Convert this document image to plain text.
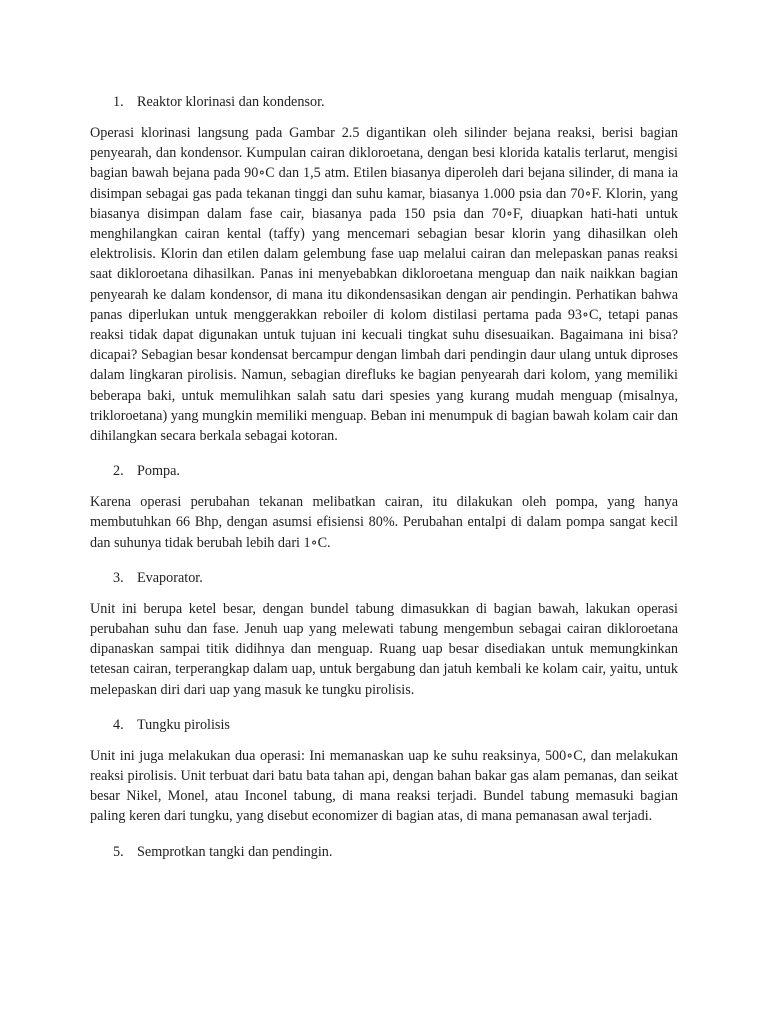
1. Reaktor klorinasi dan kondensor.

Operasi klorinasi langsung pada Gambar 2.5 digantikan oleh silinder bejana reaksi, berisi bagian penyearah, dan kondensor. Kumpulan cairan dikloroetana, dengan besi klorida katalis terlarut, mengisi bagian bawah bejana pada 90∘C dan 1,5 atm. Etilen biasanya diperoleh dari bejana silinder, di mana ia disimpan sebagai gas pada tekanan tinggi dan suhu kamar, biasanya 1.000 psia dan 70∘F. Klorin, yang biasanya disimpan dalam fase cair, biasanya pada 150 psia dan 70∘F, diuapkan hati-hati untuk menghilangkan cairan kental (taffy) yang mencemari sebagian besar klorin yang dihasilkan oleh elektrolisis. Klorin dan etilen dalam gelembung fase uap melalui cairan dan melepaskan panas reaksi saat dikloroetana dihasilkan. Panas ini menyebabkan dikloroetana menguap dan naik naikkan bagian penyearah ke dalam kondensor, di mana itu dikondensasikan dengan air pendingin. Perhatikan bahwa panas diperlukan untuk menggerakkan reboiler di kolom distilasi pertama pada 93∘C, tetapi panas reaksi tidak dapat digunakan untuk tujuan ini kecuali tingkat suhu disesuaikan. Bagaimana ini bisa? dicapai? Sebagian besar kondensat bercampur dengan limbah dari pendingin daur ulang untuk diproses dalam lingkaran pirolisis. Namun, sebagian direfluks ke bagian penyearah dari kolom, yang memiliki beberapa baki, untuk memulihkan salah satu dari spesies yang kurang mudah menguap (misalnya, trikloroetana) yang mungkin memiliki menguap. Beban ini menumpuk di bagian bawah kolam cair dan dihilangkan secara berkala sebagai kotoran.

2. Pompa.

Karena operasi perubahan tekanan melibatkan cairan, itu dilakukan oleh pompa, yang hanya membutuhkan 66 Bhp, dengan asumsi efisiensi 80%. Perubahan entalpi di dalam pompa sangat kecil dan suhunya tidak berubah lebih dari 1∘C.

3. Evaporator.

Unit ini berupa ketel besar, dengan bundel tabung dimasukkan di bagian bawah, lakukan operasi perubahan suhu dan fase. Jenuh uap yang melewati tabung mengembun sebagai cairan dikloroetana dipanaskan sampai titik didihnya dan menguap. Ruang uap besar disediakan untuk memungkinkan tetesan cairan, terperangkap dalam uap, untuk bergabung dan jatuh kembali ke kolam cair, yaitu, untuk melepaskan diri dari uap yang masuk ke tungku pirolisis.

4. Tungku pirolisis

Unit ini juga melakukan dua operasi: Ini memanaskan uap ke suhu reaksinya, 500∘C, dan melakukan reaksi pirolisis. Unit terbuat dari batu bata tahan api, dengan bahan bakar gas alam pemanas, dan seikat besar Nikel, Monel, atau Inconel tabung, di mana reaksi terjadi. Bundel tabung memasuki bagian paling keren dari tungku, yang disebut economizer di bagian atas, di mana pemanasan awal terjadi.

5. Semprotkan tangki dan pendingin.
